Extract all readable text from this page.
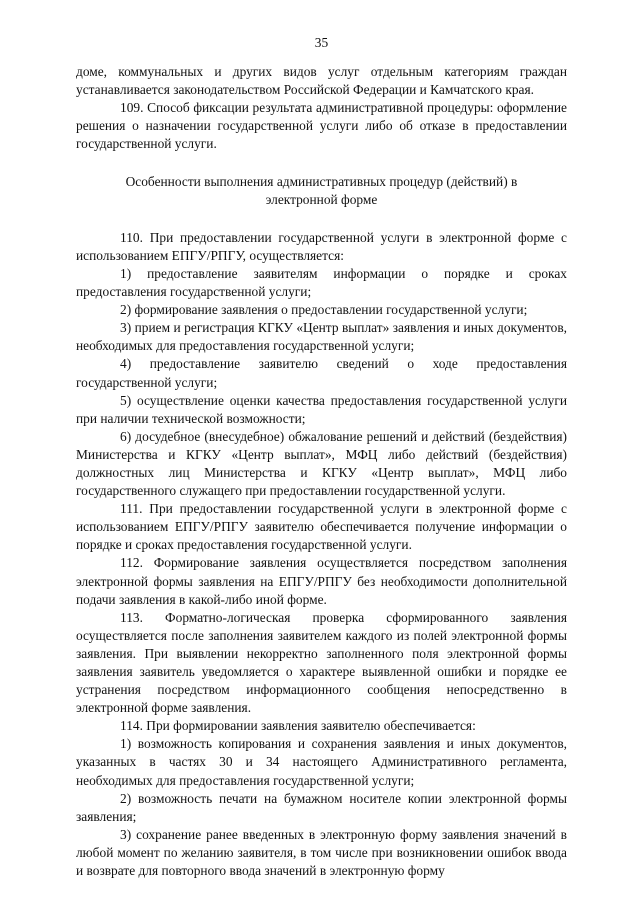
35

доме, коммунальных и других видов услуг отдельным категориям граждан устанавливается законодательством Российской Федерации и Камчатского края.

109. Способ фиксации результата административной процедуры: оформление решения о назначении государственной услуги либо об отказе в предоставлении государственной услуги.

Особенности выполнения административных процедур (действий) в
электронной форме

110. При предоставлении государственной услуги в электронной форме с использованием ЕПГУ/РПГУ, осуществляется:

1) предоставление заявителям информации о порядке и сроках предоставления государственной услуги;

2) формирование заявления о предоставлении государственной услуги;

3) прием и регистрация КГКУ «Центр выплат» заявления и иных документов, необходимых для предоставления государственной услуги;

4) предоставление заявителю сведений о ходе предоставления государственной услуги;

5) осуществление оценки качества предоставления государственной услуги при наличии технической возможности;

6) досудебное (внесудебное) обжалование решений и действий (бездействия) Министерства и КГКУ «Центр выплат», МФЦ либо действий (бездействия) должностных лиц Министерства и КГКУ «Центр выплат», МФЦ либо государственного служащего при предоставлении государственной услуги.

111. При предоставлении государственной услуги в электронной форме с использованием ЕПГУ/РПГУ заявителю обеспечивается получение информации о порядке и сроках предоставления государственной услуги.

112. Формирование заявления осуществляется посредством заполнения электронной формы заявления на ЕПГУ/РПГУ без необходимости дополнительной подачи заявления в какой-либо иной форме.

113. Форматно-логическая проверка сформированного заявления осуществляется после заполнения заявителем каждого из полей электронной формы заявления. При выявлении некорректно заполненного поля электронной формы заявления заявитель уведомляется о характере выявленной ошибки и порядке ее устранения посредством информационного сообщения непосредственно в электронной форме заявления.

114. При формировании заявления заявителю обеспечивается:

1) возможность копирования и сохранения заявления и иных документов, указанных в частях 30 и 34 настоящего Административного регламента, необходимых для предоставления государственной услуги;

2) возможность печати на бумажном носителе копии электронной формы заявления;

3) сохранение ранее введенных в электронную форму заявления значений в любой момент по желанию заявителя, в том числе при возникновении ошибок ввода и возврате для повторного ввода значений в электронную форму
